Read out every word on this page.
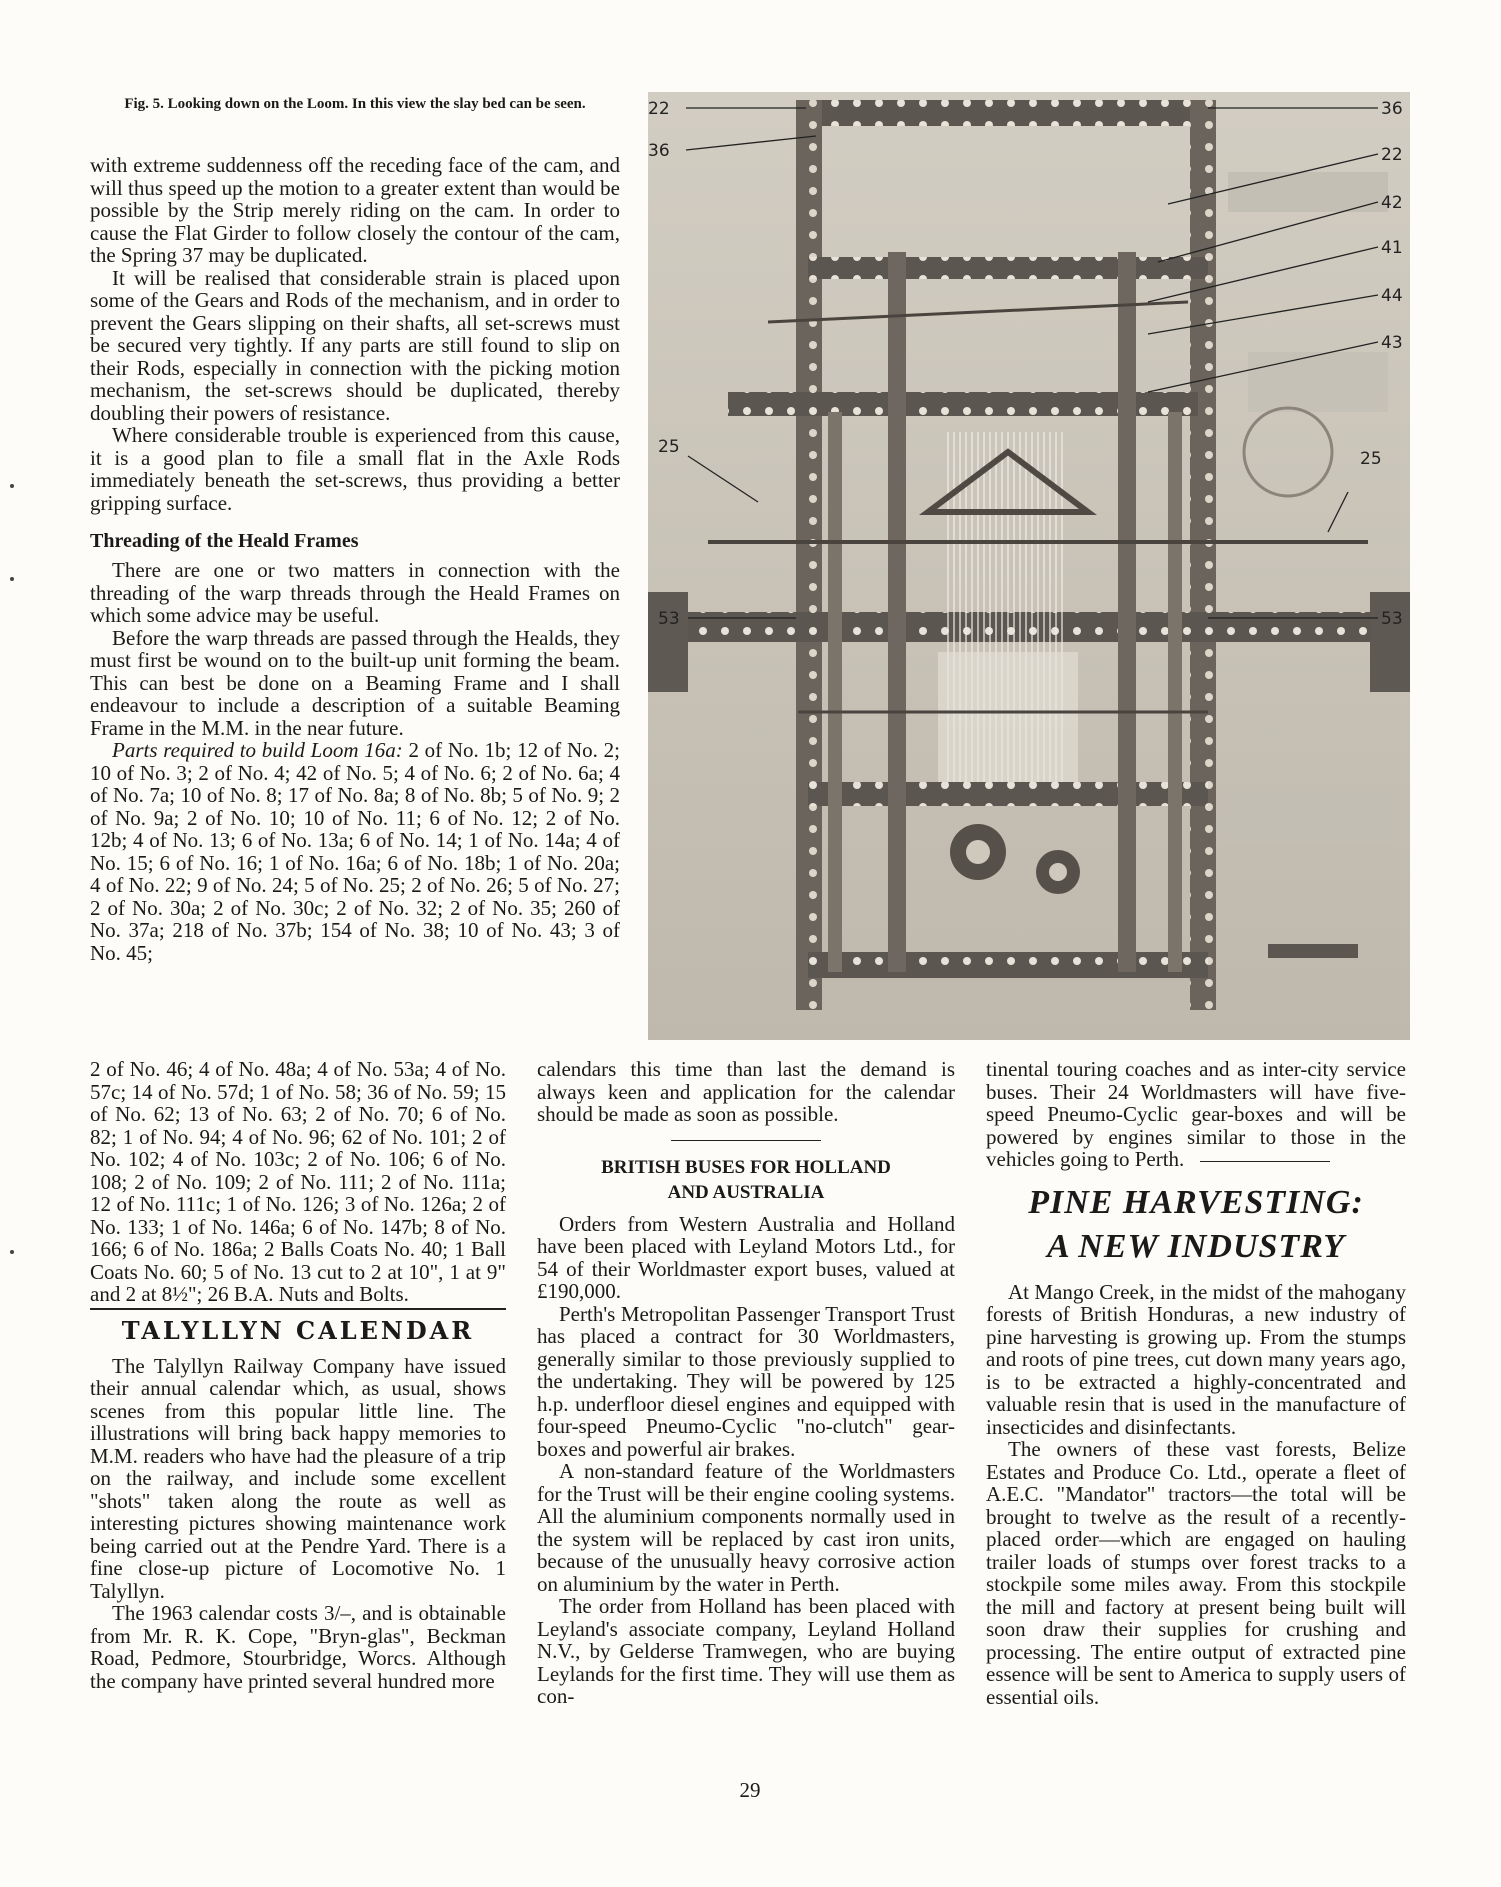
Fig. 5. Looking down on the Loom. In this view the slay bed can be seen.	22
36
25
53
36
22
42
41
44
43
25
53

with extreme suddenness off the receding face of the cam, and will thus speed up the motion to a greater extent than would be possible by the Strip merely riding on the cam. In order to cause the Flat Girder to follow closely the contour of the cam, the Spring 37 may be duplicated.

It will be realised that considerable strain is placed upon some of the Gears and Rods of the mechanism, and in order to prevent the Gears slipping on their shafts, all set-screws must be secured very tightly. If any parts are still found to slip on their Rods, especially in connection with the picking motion mechanism, the set-screws should be duplicated, thereby doubling their powers of resistance.

Where considerable trouble is experienced from this cause, it is a good plan to file a small flat in the Axle Rods immediately beneath the set-screws, thus providing a better gripping surface.

Threading of the Heald Frames

There are one or two matters in connection with the threading of the warp threads through the Heald Frames on which some advice may be useful.

Before the warp threads are passed through the Healds, they must first be wound on to the built-up unit forming the beam. This can best be done on a Beaming Frame and I shall endeavour to include a description of a suitable Beaming Frame in the M.M. in the near future.

Parts required to build Loom 16a: 2 of No. 1b; 12 of No. 2; 10 of No. 3; 2 of No. 4; 42 of No. 5; 4 of No. 6; 2 of No. 6a; 4 of No. 7a; 10 of No. 8; 17 of No. 8a; 8 of No. 8b; 5 of No. 9; 2 of No. 9a; 2 of No. 10; 10 of No. 11; 6 of No. 12; 2 of No. 12b; 4 of No. 13; 6 of No. 13a; 6 of No. 14; 1 of No. 14a; 4 of No. 15; 6 of No. 16; 1 of No. 16a; 6 of No. 18b; 1 of No. 20a; 4 of No. 22; 9 of No. 24; 5 of No. 25; 2 of No. 26; 5 of No. 27; 2 of No. 30a; 2 of No. 30c; 2 of No. 32; 2 of No. 35; 260 of No. 37a; 218 of No. 37b; 154 of No. 38; 10 of No. 43; 3 of No. 45;

2 of No. 46; 4 of No. 48a; 4 of No. 53a; 4 of No. 57c; 14 of No. 57d; 1 of No. 58; 36 of No. 59; 15 of No. 62; 13 of No. 63; 2 of No. 70; 6 of No. 82; 1 of No. 94; 4 of No. 96; 62 of No. 101; 2 of No. 102; 4 of No. 103c; 2 of No. 106; 6 of No. 108; 2 of No. 109; 2 of No. 111; 2 of No. 111a; 12 of No. 111c; 1 of No. 126; 3 of No. 126a; 2 of No. 133; 1 of No. 146a; 6 of No. 147b; 8 of No. 166; 6 of No. 186a; 2 Balls Coats No. 40; 1 Ball Coats No. 60; 5 of No. 13 cut to 2 at 10", 1 at 9" and 2 at 8½"; 26 B.A. Nuts and Bolts.

TALYLLYN CALENDAR

The Talyllyn Railway Company have issued their annual calendar which, as usual, shows scenes from this popular little line. The illustrations will bring back happy memories to M.M. readers who have had the pleasure of a trip on the railway, and include some excellent "shots" taken along the route as well as interesting pictures showing maintenance work being carried out at the Pendre Yard. There is a fine close-up picture of Locomotive No. 1 Talyllyn.

The 1963 calendar costs 3/–, and is obtainable from Mr. R. K. Cope, "Bryn-glas", Beckman Road, Pedmore, Stourbridge, Worcs. Although the company have printed several hundred more

calendars this time than last the demand is always keen and application for the calendar should be made as soon as possible.

BRITISH BUSES FOR HOLLAND
AND AUSTRALIA

Orders from Western Australia and Holland have been placed with Leyland Motors Ltd., for 54 of their Worldmaster export buses, valued at £190,000.

Perth's Metropolitan Passenger Transport Trust has placed a contract for 30 Worldmasters, generally similar to those previously supplied to the undertaking. They will be powered by 125 h.p. underfloor diesel engines and equipped with four-speed Pneumo-Cyclic "no-clutch" gear-boxes and powerful air brakes.

A non-standard feature of the Worldmasters for the Trust will be their engine cooling systems. All the aluminium components normally used in the system will be replaced by cast iron units, because of the unusually heavy corrosive action on aluminium by the water in Perth.

The order from Holland has been placed with Leyland's associate company, Leyland Holland N.V., by Gelderse Tramwegen, who are buying Leylands for the first time. They will use them as con-

tinental touring coaches and as inter-city service buses. Their 24 Worldmasters will have five-speed Pneumo-Cyclic gear-boxes and will be powered by engines similar to those in the vehicles going to Perth.

PINE HARVESTING:
A NEW INDUSTRY

At Mango Creek, in the midst of the mahogany forests of British Honduras, a new industry of pine harvesting is growing up. From the stumps and roots of pine trees, cut down many years ago, is to be extracted a highly-concentrated and valuable resin that is used in the manufacture of insecticides and disinfectants.

The owners of these vast forests, Belize Estates and Produce Co. Ltd., operate a fleet of A.E.C. "Mandator" tractors—the total will be brought to twelve as the result of a recently-placed order—which are engaged on hauling trailer loads of stumps over forest tracks to a stockpile some miles away. From this stockpile the mill and factory at present being built will soon draw their supplies for crushing and processing. The entire output of extracted pine essence will be sent to America to supply users of essential oils.

29
